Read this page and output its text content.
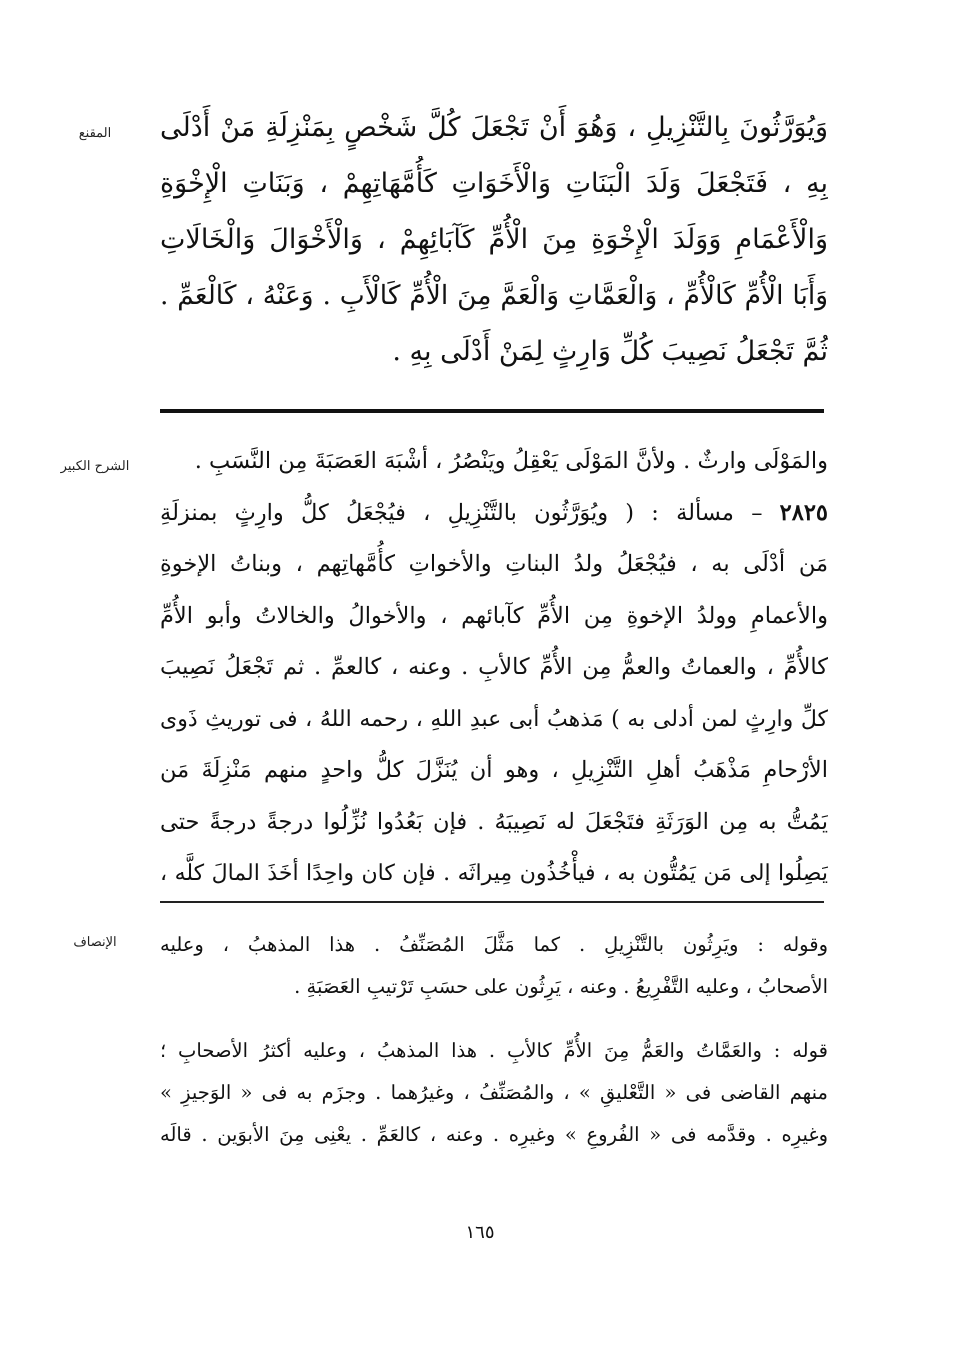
المقنع	وَيُوَرَّثُونَ بِالتَّنْزِيلِ ، وَهُوَ أَنْ تَجْعَلَ كُلَّ شَخْصٍ بِمَنْزِلَةِ مَنْ أَدْلَى
بِهِ ، فَتَجْعَلَ وَلَدَ الْبَنَاتِ وَالْأَخَوَاتِ كَأُمَّهَاتِهِمْ ، وَبَنَاتِ الْإِخْوَةِ
وَالْأَعْمَامِ وَوَلَدَ الْإِخْوَةِ مِنَ الْأُمِّ كَآبَائِهِمْ ، وَالْأَخْوَالَ وَالْخَالَاتِ
وَأَبَا الْأُمِّ كَالْأُمِّ ، وَالْعَمَّاتِ وَالْعَمَّ مِنَ الْأُمِّ كَالْأَبِ . وَعَنْهُ ، كَالْعَمِّ .
ثُمَّ تَجْعَلُ نَصِيبَ كُلِّ وَارِثٍ لِمَنْ أَدْلَى بِهِ .
الشرح الكبير	والمَوْلَى وارثٌ . ولأنَّ المَوْلَى يَعْقِلُ ويَنْصُرُ ، أشْبَهَ العَصَبَةَ مِن النَّسَبِ .
٢٨٢٥ – مسألة : ( ويُوَرَّثُون بالتَّنْزِيلِ ، فيُجْعَلُ كلُّ وارِثٍ بمنزلَةِ
مَن أدْلَى به ، فيُجْعَلُ ولدُ البناتِ والأخواتِ كأُمَّهاتِهم ، وبناتُ الإخوةِ
والأعمامِ وولدُ الإخوةِ مِن الأُمِّ كآبائهم ، والأخوالُ والخالاتُ وأبو الأُمِّ
كالأُمِّ ، والعماتُ والعمُّ مِن الأُمِّ كالأبِ . وعنه ، كالعمِّ . ثم تَجْعَلُ نَصِيبَ
كلِّ وارِثٍ لمن أدلى به ) مَذهبُ أبى عبدِ اللهِ ، رحمه اللهُ ، فى توريثِ ذَوى
الأرْحامِ مَذْهَبُ أهلِ التَّنْزِيلِ ، وهو أن يُنَزَّلَ كلُّ واحدٍ منهم مَنْزِلَةَ مَن
يَمُتُّ به مِن الوَرَثَةِ فتَجْعَلَ له نَصِيبَهُ . فإن بَعُدُوا نُزِّلُوا درجةً درجةً حتى
يَصِلُوا إلى مَن يَمُتُّون به ، فيأْخُذُون مِيراثَه . فإن كان واحِدًا أخَذَ المالَ كلَّه ،
الإنصاف	وقوله : ويَرِثُون بالتَّنْزِيلِ . كما مَثَّلَ المُصَنِّفُ . هذا المذهبُ ، وعليه
الأصحابُ ، وعليه التَّفْرِيعُ . وعنه ، يَرِثُون على حسَبِ تَرْتيبِ العَصَبَةِ .
قوله : والعَمَّاتُ والعَمُّ مِنَ الأُمِّ كالأبِ . هذا المذهبُ ، وعليه أكثرُ الأصحابِ ؛
منهم القاضى فى « التَّعْليقِ » ، والمُصَنِّفُ ، وغيرُهما . وجزَم به فى « الوَجيزِ »
وغيرِه . وقدَّمه فى « الفُروعِ » وغيرِه . وعنه ، كالعَمِّ . يعْنِى مِنَ الأبوَين . قالَه
١٦٥
